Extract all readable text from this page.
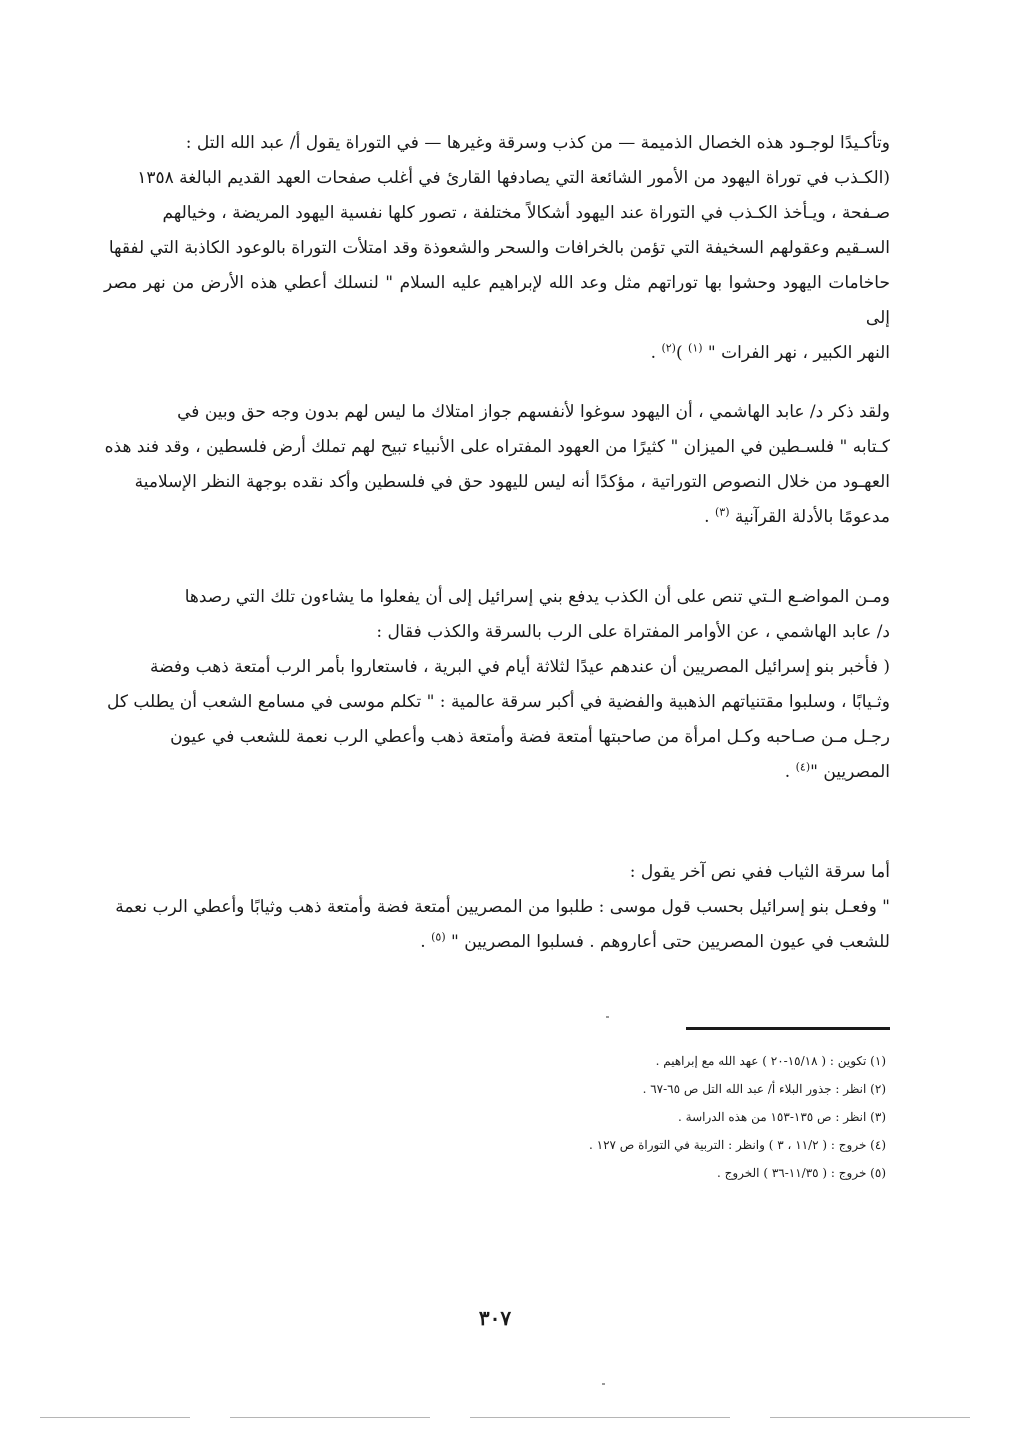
وتأكـيدًا لوجـود هذه الخصال الذميمة — من كذب وسرقة وغيرها — في التوراة يقول أ/ عبد الله التل :

(الكـذب في توراة اليهود من الأمور الشائعة التي يصادفها القارئ في أغلب صفحات العهد القديم البالغة ١٣٥٨

صـفحة ، ويـأخذ الكـذب في التوراة عند اليهود أشكالاً مختلفة ، تصور كلها نفسية اليهود المريضة ، وخيالهم

السـقيم وعقولهم السخيفة التي تؤمن بالخرافات والسحر والشعوذة وقد امتلأت التوراة بالوعود الكاذبة التي لفقها

حاخامات اليهود وحشوا بها توراتهم مثل وعد الله لإبراهيم عليه السلام " لنسلك أعطي هذه الأرض من نهر مصر إلى

النهر الكبير ، نهر الفرات " $^{(١)}$ )$^{(٢)}$ .

ولقد ذكر د/ عابد الهاشمي ، أن اليهود سوغوا لأنفسهم جواز امتلاك ما ليس لهم بدون وجه حق وبين في

كـتابه " فلسـطين في الميزان " كثيرًا من العهود المفتراه على الأنبياء تبيح لهم تملك أرض فلسطين ، وقد فند هذه

العهـود من خلال النصوص التوراتية ، مؤكدًا أنه ليس لليهود حق في فلسطين وأكد نقده بوجهة النظر الإسلامية

مدعومًا بالأدلة القرآنية $^{(٣)}$ .

ومـن المواضـع الـتي تنص على أن الكذب يدفع بني إسرائيل إلى أن يفعلوا ما يشاءون تلك التي رصدها

د/ عابد الهاشمي ، عن الأوامر المفتراة على الرب بالسرقة والكذب فقال :

( فأخبر بنو إسرائيل المصريين أن عندهم عيدًا لثلاثة أيام في البرية ، فاستعاروا بأمر الرب أمتعة ذهب وفضة

وثـيابًا ، وسلبوا مقتنياتهم الذهبية والفضية في أكبر سرقة عالمية : " تكلم موسى في مسامع الشعب أن يطلب كل

رجـل مـن صـاحبه وكـل امرأة من صاحبتها أمتعة فضة وأمتعة ذهب وأعطي الرب نعمة للشعب في عيون

المصريين "$^{(٤)}$ .

أما سرقة الثياب ففي نص آخر يقول :

" وفعـل بنو إسرائيل بحسب قول موسى : طلبوا من المصريين أمتعة فضة وأمتعة ذهب وثيابًا وأعطي الرب نعمة

للشعب في عيون المصريين حتى أعاروهم . فسلبوا المصريين " $^{(٥)}$ .

(١) تكوين : ( ١٥/١٨-٢٠ ) عهد الله مع إبراهيم .
(٢) انظر : جذور البلاء أ/ عبد الله التل ص ٦٥-٦٧ .
(٣) انظر : ص ١٣٥-١٥٣ من هذه الدراسة .
(٤) خروج : ( ١١/٢ ، ٣ ) وانظر : التربية في التوراة ص ١٢٧ .
(٥) خروج : ( ١١/٣٥-٣٦ ) الخروج .
٣٠٧
